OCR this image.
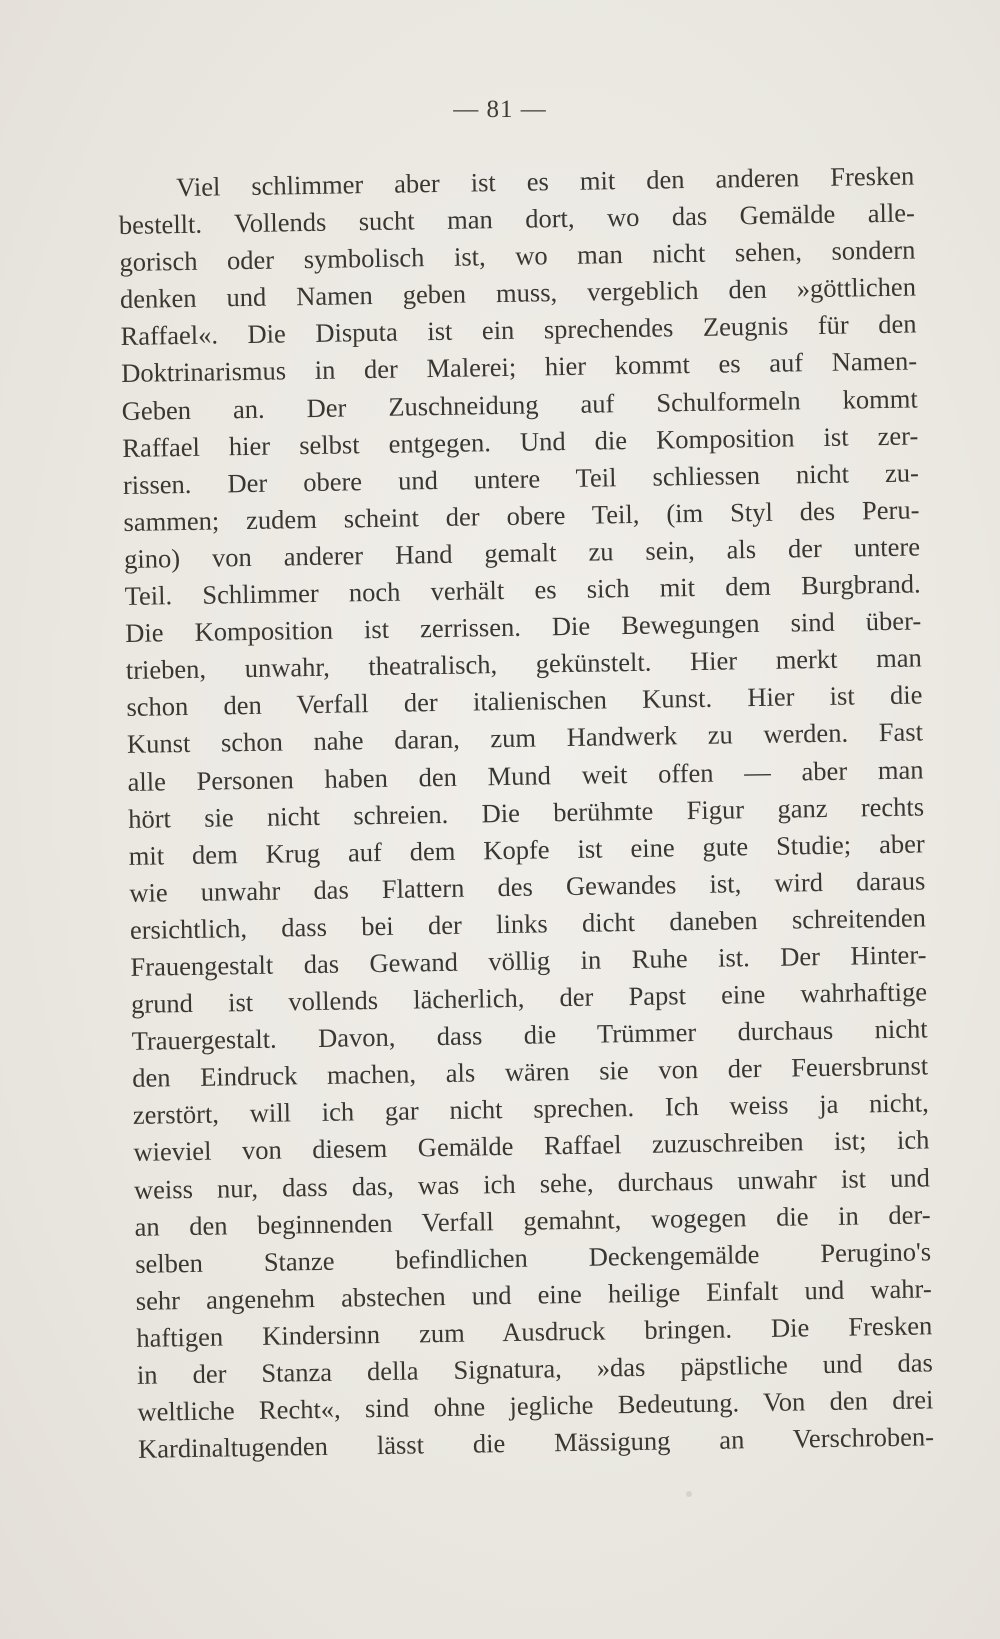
— 81 —
Viel schlimmer aber ist es mit den anderen Fresken
bestellt. Vollends sucht man dort, wo das Gemälde alle-
gorisch oder symbolisch ist, wo man nicht sehen, sondern
denken und Namen geben muss, vergeblich den »göttlichen
Raffael«. Die Disputa ist ein sprechendes Zeugnis für den
Doktrinarismus in der Malerei; hier kommt es auf Namen-
Geben an. Der Zuschneidung auf Schulformeln kommt
Raffael hier selbst entgegen. Und die Komposition ist zer-
rissen. Der obere und untere Teil schliessen nicht zu-
sammen; zudem scheint der obere Teil, (im Styl des Peru-
gino) von anderer Hand gemalt zu sein, als der untere
Teil. Schlimmer noch verhält es sich mit dem Burgbrand.
Die Komposition ist zerrissen. Die Bewegungen sind über-
trieben, unwahr, theatralisch, gekünstelt. Hier merkt man
schon den Verfall der italienischen Kunst. Hier ist die
Kunst schon nahe daran, zum Handwerk zu werden. Fast
alle Personen haben den Mund weit offen — aber man
hört sie nicht schreien. Die berühmte Figur ganz rechts
mit dem Krug auf dem Kopfe ist eine gute Studie; aber
wie unwahr das Flattern des Gewandes ist, wird daraus
ersichtlich, dass bei der links dicht daneben schreitenden
Frauengestalt das Gewand völlig in Ruhe ist. Der Hinter-
grund ist vollends lächerlich, der Papst eine wahrhaftige
Trauergestalt. Davon, dass die Trümmer durchaus nicht
den Eindruck machen, als wären sie von der Feuersbrunst
zerstört, will ich gar nicht sprechen. Ich weiss ja nicht,
wieviel von diesem Gemälde Raffael zuzuschreiben ist; ich
weiss nur, dass das, was ich sehe, durchaus unwahr ist und
an den beginnenden Verfall gemahnt, wogegen die in der-
selben Stanze befindlichen Deckengemälde Perugino's
sehr angenehm abstechen und eine heilige Einfalt und wahr-
haftigen Kindersinn zum Ausdruck bringen. Die Fresken
in der Stanza della Signatura, »das päpstliche und das
weltliche Recht«, sind ohne jegliche Bedeutung. Von den drei
Kardinaltugenden lässt die Mässigung an Verschroben-
